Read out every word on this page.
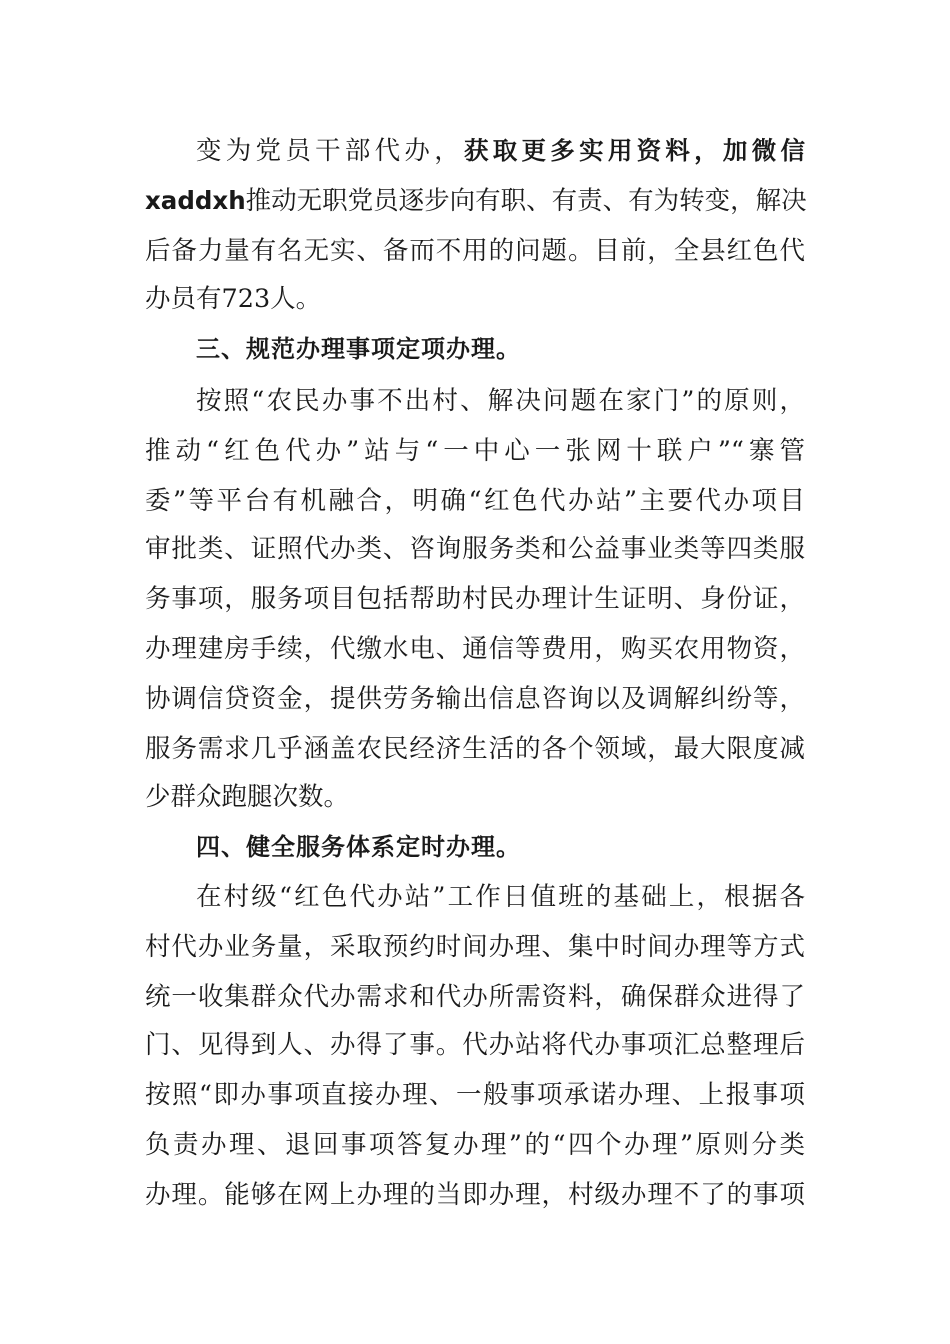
变为党员干部代办，获取更多实用资料，加微信
xaddxh推动无职党员逐步向有职、有责、有为转变，解决
后备力量有名无实、备而不用的问题。目前，全县红色代
办员有723人。
三、规范办理事项定项办理。
按照“农民办事不出村、解决问题在家门”的原则，
推动“红色代办”站与“一中心一张网十联户”“寨管
委”等平台有机融合，明确“红色代办站”主要代办项目
审批类、证照代办类、咨询服务类和公益事业类等四类服
务事项，服务项目包括帮助村民办理计生证明、身份证，
办理建房手续，代缴水电、通信等费用，购买农用物资，
协调信贷资金，提供劳务输出信息咨询以及调解纠纷等，
服务需求几乎涵盖农民经济生活的各个领域，最大限度减
少群众跑腿次数。
四、健全服务体系定时办理。
在村级“红色代办站”工作日值班的基础上，根据各
村代办业务量，采取预约时间办理、集中时间办理等方式
统一收集群众代办需求和代办所需资料，确保群众进得了
门、见得到人、办得了事。代办站将代办事项汇总整理后
按照“即办事项直接办理、一般事项承诺办理、上报事项
负责办理、退回事项答复办理”的“四个办理”原则分类
办理。能够在网上办理的当即办理，村级办理不了的事项
